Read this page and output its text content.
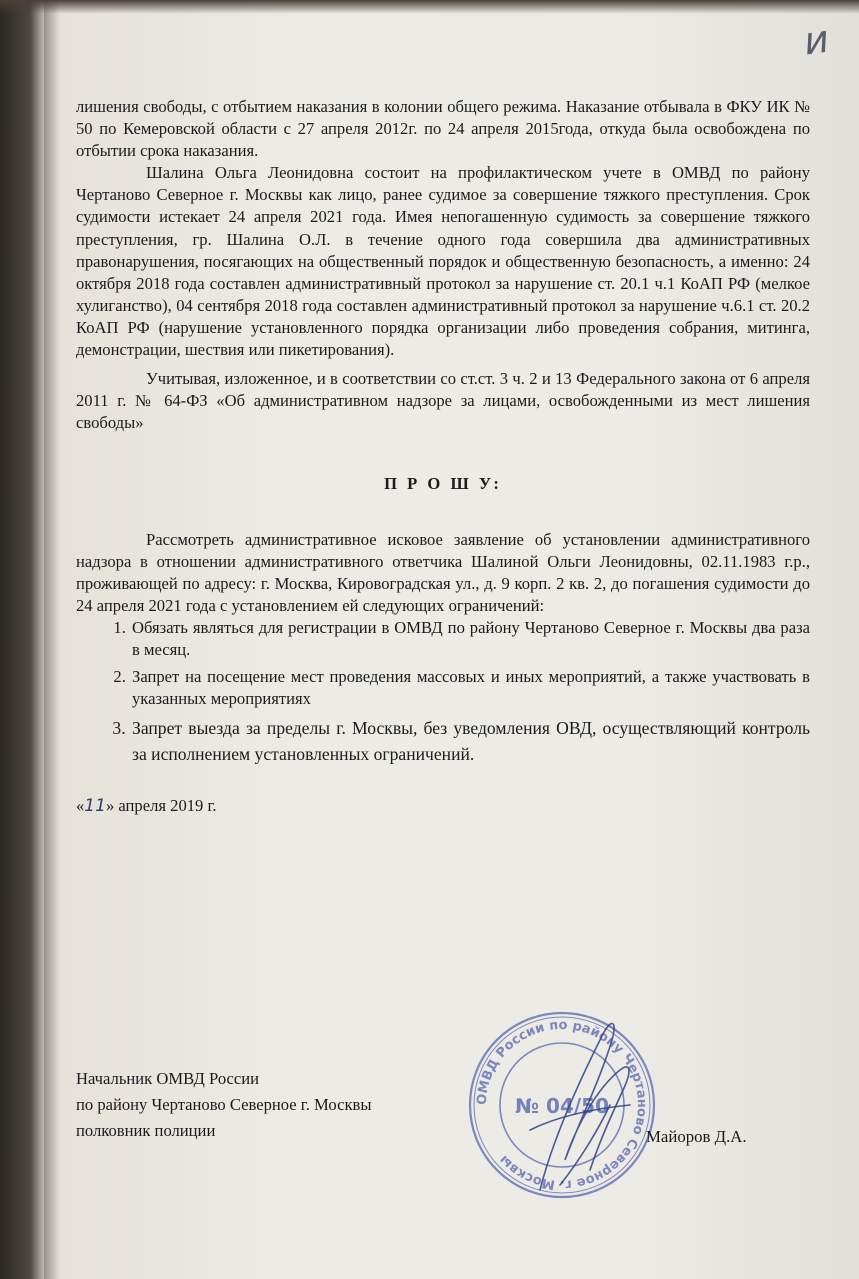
и

лишения свободы, с отбытием наказания в колонии общего режима. Наказание отбывала в ФКУ ИК № 50 по Кемеровской области с 27 апреля 2012г. по 24 апреля 2015года, откуда была освобождена по отбытии срока наказания.

Шалина Ольга Леонидовна состоит на профилактическом учете в ОМВД по району Чертаново Северное г. Москвы как лицо, ранее судимое за совершение тяжкого преступления. Срок судимости истекает 24 апреля 2021 года. Имея непогашенную судимость за совершение тяжкого преступления, гр. Шалина О.Л. в течение одного года совершила два административных правонарушения, посягающих на общественный порядок и общественную безопасность, а именно: 24 октября 2018 года составлен административный протокол за нарушение ст. 20.1 ч.1 КоАП РФ (мелкое хулиганство), 04 сентября 2018 года составлен административный протокол за нарушение ч.6.1 ст. 20.2 КоАП РФ (нарушение установленного порядка организации либо проведения собрания, митинга, демонстрации, шествия или пикетирования).

Учитывая, изложенное, и в соответствии со ст.ст. 3 ч. 2 и 13 Федерального закона от 6 апреля 2011 г. № 64-ФЗ «Об административном надзоре за лицами, освобожденными из мест лишения свободы»

П Р О Ш У:

Рассмотреть административное исковое заявление об установлении административного надзора в отношении административного ответчика Шалиной Ольги Леонидовны, 02.11.1983 г.р., проживающей по адресу: г. Москва, Кировоградская ул., д. 9 корп. 2 кв. 2, до погашения судимости до 24 апреля 2021 года с установлением ей следующих ограничений:

1. Обязать являться для регистрации в ОМВД по району Чертаново Северное г. Москвы два раза в месяц.
2. Запрет на посещение мест проведения массовых и иных мероприятий, а также участвовать в указанных мероприятиях
3. Запрет выезда за пределы г. Москвы, без уведомления ОВД, осуществляющий контроль за исполнением установленных ограничений.
«11» апреля 2019 г.
Начальник ОМВД России
по району Чертаново Северное г. Москвы
полковник полиции
ОМВД России по району Чертаново Северное г. Москвы
№ 04/50
Майоров Д.А.
